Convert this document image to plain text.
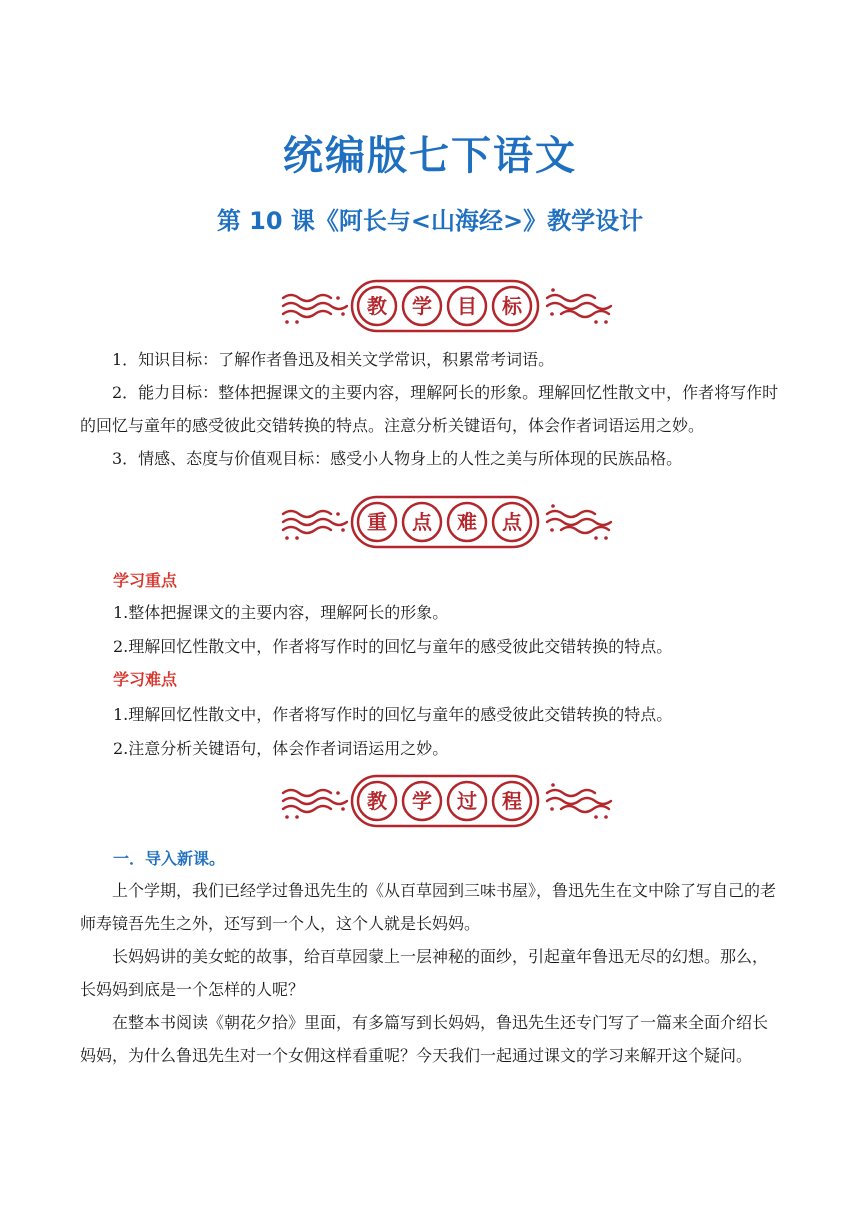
统编版七下语文
第 10 课《阿长与<山海经>》教学设计
教 学 目 标
1．知识目标：了解作者鲁迅及相关文学常识，积累常考词语。
2．能力目标：整体把握课文的主要内容，理解阿长的形象。理解回忆性散文中，作者将写作时的回忆与童年的感受彼此交错转换的特点。注意分析关键语句，体会作者词语运用之妙。
3．情感、态度与价值观目标：感受小人物身上的人性之美与所体现的民族品格。
重 点 难 点
学习重点
1.整体把握课文的主要内容，理解阿长的形象。
2.理解回忆性散文中，作者将写作时的回忆与童年的感受彼此交错转换的特点。
学习难点
1.理解回忆性散文中，作者将写作时的回忆与童年的感受彼此交错转换的特点。
2.注意分析关键语句，体会作者词语运用之妙。
教 学 过 程
一．导入新课。
上个学期，我们已经学过鲁迅先生的《从百草园到三味书屋》，鲁迅先生在文中除了写自己的老师寿镜吾先生之外，还写到一个人，这个人就是长妈妈。
长妈妈讲的美女蛇的故事，给百草园蒙上一层神秘的面纱，引起童年鲁迅无尽的幻想。那么，长妈妈到底是一个怎样的人呢？
在整本书阅读《朝花夕拾》里面，有多篇写到长妈妈，鲁迅先生还专门写了一篇来全面介绍长妈妈，为什么鲁迅先生对一个女佣这样看重呢？今天我们一起通过课文的学习来解开这个疑问。
